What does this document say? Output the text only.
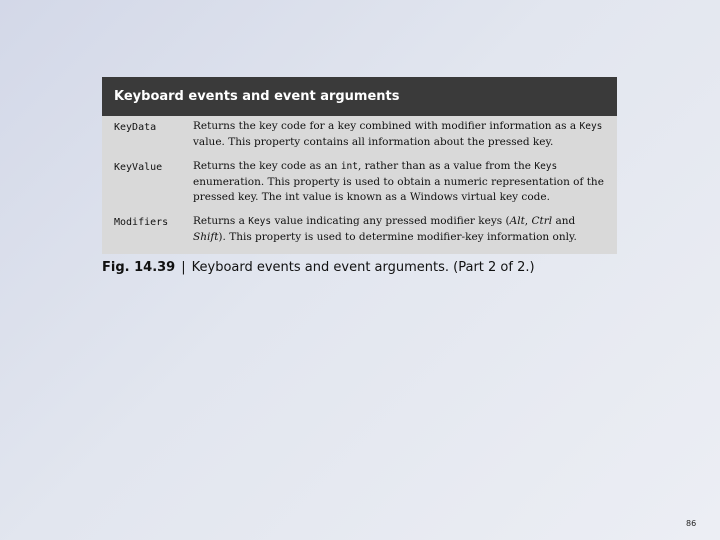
Keyboard events and event arguments
KeyData	Returns the key code for a key combined with modifier information as a Keys value. This property contains all information about the pressed key.
KeyValue	Returns the key code as an int, rather than as a value from the Keys enumeration. This property is used to obtain a numeric representation of the pressed key. The int value is known as a Windows virtual key code.
Modifiers	Returns a Keys value indicating any pressed modifier keys (Alt, Ctrl and Shift). This property is used to determine modifier-key information only.
Fig. 14.39 | Keyboard events and event arguments. (Part 2 of 2.)
86
